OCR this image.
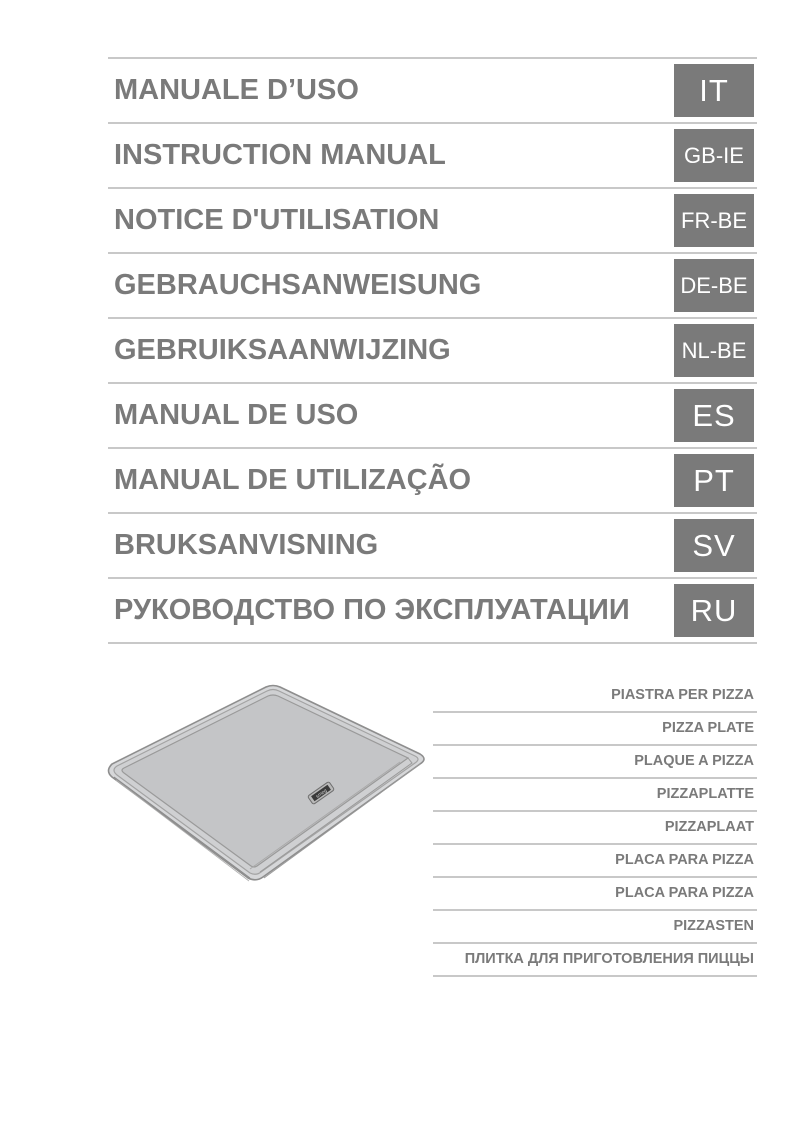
MANUALE D’USO	IT
INSTRUCTION MANUAL	GB-IE
NOTICE D'UTILISATION	FR-BE
GEBRAUCHSANWEISUNG	DE-BE
GEBRUIKSAANWIJZING	NL-BE
MANUAL DE USO	ES
MANUAL DE UTILIZAÇÃO	PT
BRUKSANVISNING	SV
РУКОВОДСТВО ПО ЭКСПЛУАТАЦИИ	RU
smeg
PIASTRA PER PIZZA
PIZZA PLATE
PLAQUE A PIZZA
PIZZAPLATTE
PIZZAPLAAT
PLACA PARA PIZZA
PLACA PARA PIZZA
PIZZASTEN
ПЛИТКА ДЛЯ ПРИГОТОВЛЕНИЯ ПИЦЦЫ
